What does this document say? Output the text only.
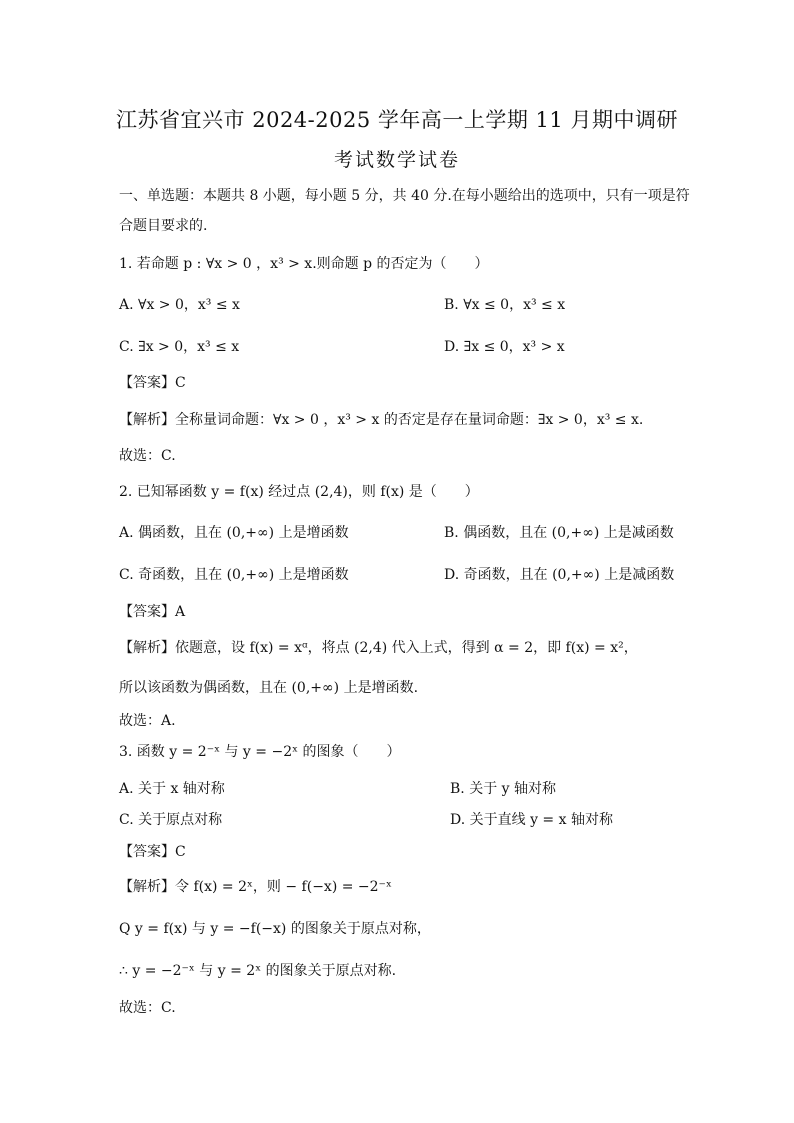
江苏省宜兴市 2024-2025 学年高一上学期 11 月期中调研
考试数学试卷
一、单选题：本题共 8 小题，每小题 5 分，共 40 分.在每小题给出的选项中，只有一项是符
合题目要求的.
1. 若命题 p : ∀x > 0 ，x³ > x.则命题 p 的否定为（　　）
A. ∀x > 0，x³ ≤ x	B. ∀x ≤ 0，x³ ≤ x
C. ∃x > 0，x³ ≤ x	D. ∃x ≤ 0，x³ > x
【答案】C
【解析】全称量词命题：∀x > 0 ，x³ > x 的否定是存在量词命题：∃x > 0，x³ ≤ x.
故选：C.
2. 已知幂函数 y = f(x) 经过点 (2,4)，则 f(x) 是（　　）
A. 偶函数，且在 (0,+∞) 上是增函数	B. 偶函数，且在 (0,+∞) 上是减函数
C. 奇函数，且在 (0,+∞) 上是增函数	D. 奇函数，且在 (0,+∞) 上是减函数
【答案】A
【解析】依题意，设 f(x) = xᵅ，将点 (2,4) 代入上式，得到 α = 2，即 f(x) = x²，
所以该函数为偶函数，且在 (0,+∞) 上是增函数.
故选：A.
3. 函数 y = 2⁻ˣ 与 y = −2ˣ 的图象（　　）
A. 关于 x 轴对称	B. 关于 y 轴对称
C. 关于原点对称	D. 关于直线 y = x 轴对称
【答案】C
【解析】令 f(x) = 2ˣ，则 − f(−x) = −2⁻ˣ
Q y = f(x) 与 y = −f(−x) 的图象关于原点对称，
∴ y = −2⁻ˣ 与 y = 2ˣ 的图象关于原点对称.
故选：C.
